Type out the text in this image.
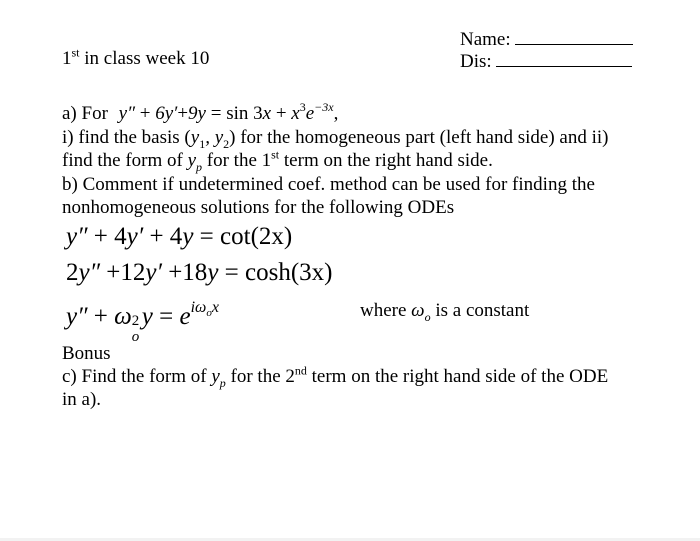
1st in class week 10
Name:
Dis:
a) For $y'' + 6y'+9y = \sin 3x + x^3e^{-3x}$,
i) find the basis ($y_1$, $y_2$) for the homogeneous part (left hand side) and ii)
find the form of $y_p$ for the 1st term on the right hand side.
b) Comment if undetermined coef. method can be used for finding the
nonhomogeneous solutions for the following ODEs
y″ + 4y′ + 4y = cot(2x)
2y″ +12y′ +18y = cosh(3x)
y″ + ω 2
o
$y = e^{i\omega_ox}$	where $\omega_o$ is a constant
Bonus
c) Find the form of $y_p$ for the 2nd term on the right hand side of the ODE
in a).
